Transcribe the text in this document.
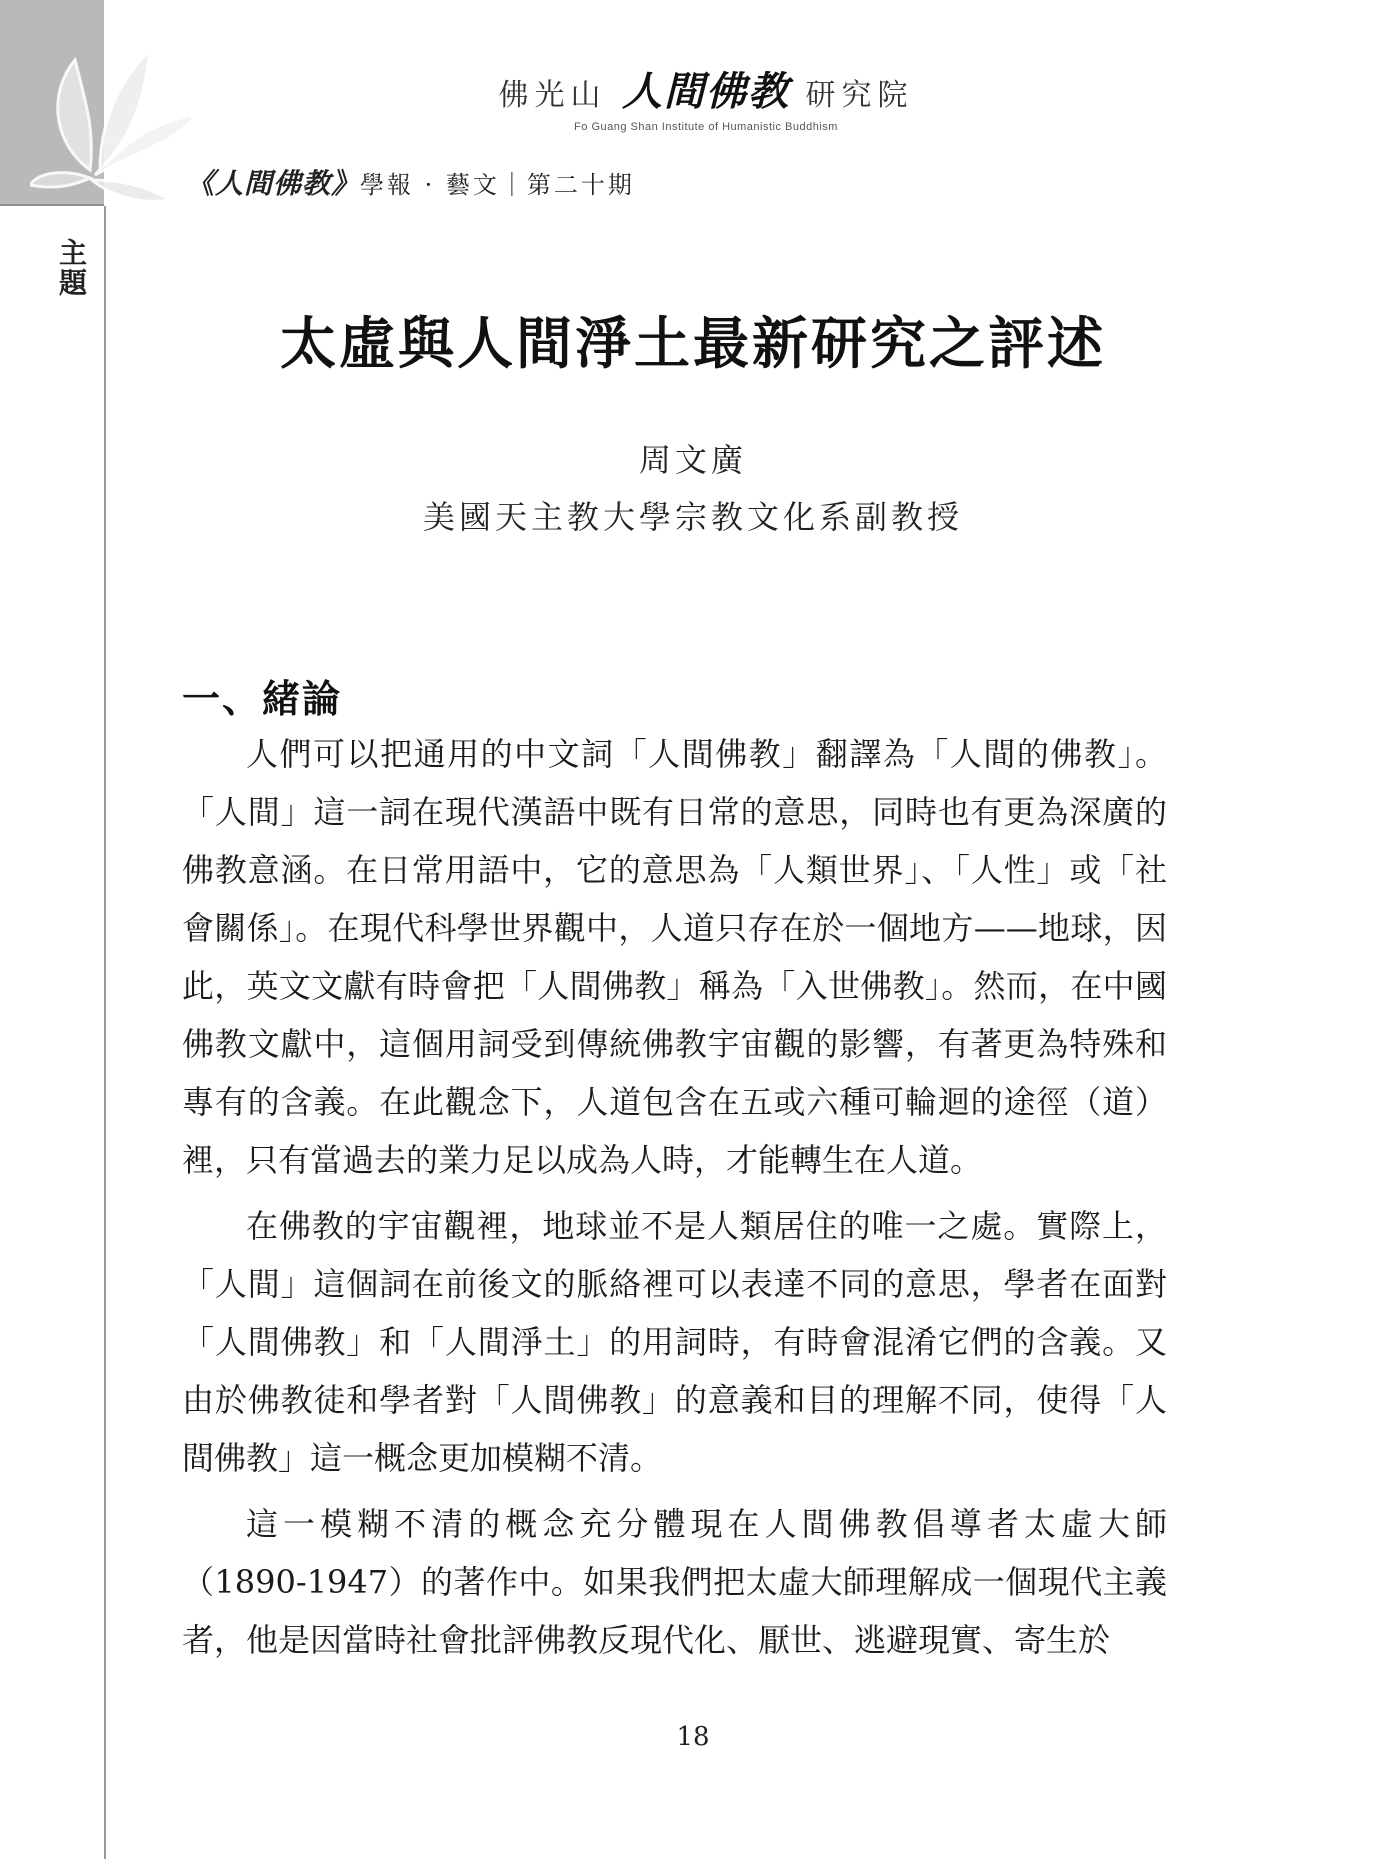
主題
佛光山 人間佛教 研究院
Fo Guang Shan Institute of Humanistic Buddhism
《人間佛教》學報 · 藝文｜第二十期
太虛與人間淨土最新研究之評述
周文廣
美國天主教大學宗教文化系副教授
一、緒論

人們可以把通用的中文詞「人間佛教」翻譯為「人間的佛教」。「人間」這一詞在現代漢語中既有日常的意思，同時也有更為深廣的佛教意涵。在日常用語中，它的意思為「人類世界」、「人性」或「社會關係」。在現代科學世界觀中，人道只存在於一個地方——地球，因此，英文文獻有時會把「人間佛教」稱為「入世佛教」。然而，在中國佛教文獻中，這個用詞受到傳統佛教宇宙觀的影響，有著更為特殊和專有的含義。在此觀念下，人道包含在五或六種可輪迴的途徑（道）裡，只有當過去的業力足以成為人時，才能轉生在人道。

在佛教的宇宙觀裡，地球並不是人類居住的唯一之處。實際上，「人間」這個詞在前後文的脈絡裡可以表達不同的意思，學者在面對「人間佛教」和「人間淨土」的用詞時，有時會混淆它們的含義。又由於佛教徒和學者對「人間佛教」的意義和目的理解不同，使得「人間佛教」這一概念更加模糊不清。

這一模糊不清的概念充分體現在人間佛教倡導者太虛大師（1890-1947）的著作中。如果我們把太虛大師理解成一個現代主義者，他是因當時社會批評佛教反現代化、厭世、逃避現實、寄生於

18
